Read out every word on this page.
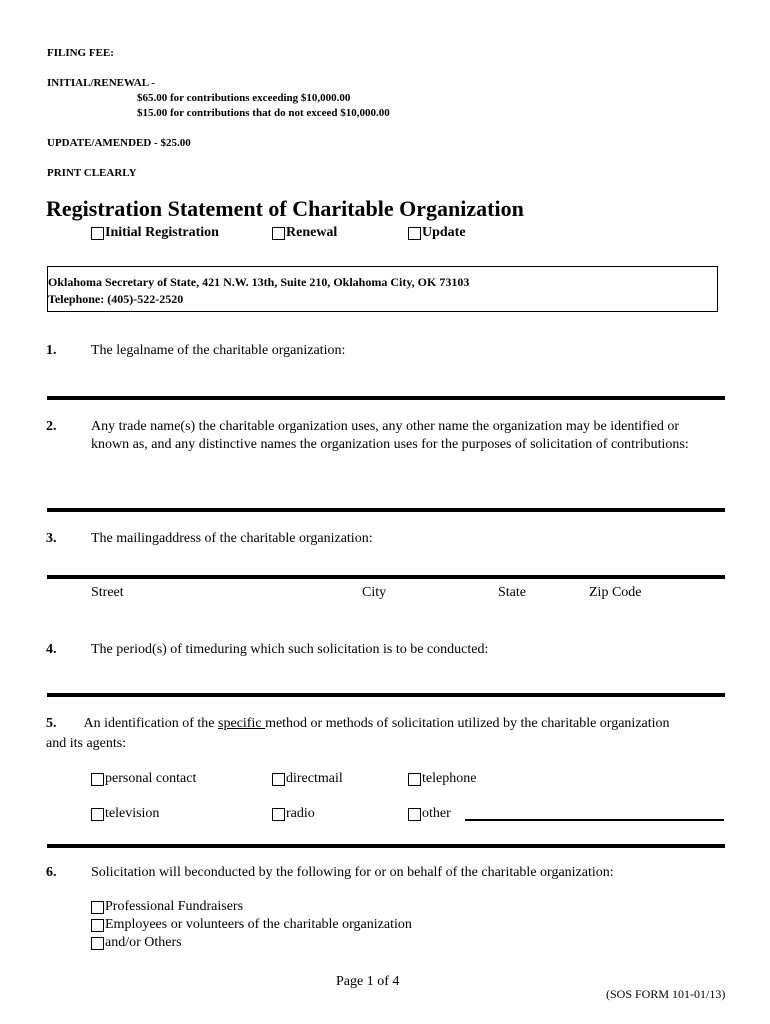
FILING FEE:
INITIAL/RENEWAL -
$65.00 for contributions exceeding $10,000.00
$15.00 for contributions that do not exceed $10,000.00
UPDATE/AMENDED - $25.00
PRINT CLEARLY
Registration Statement of Charitable Organization
Initial Registration	Renewal	Update
Oklahoma Secretary of State, 421 N.W. 13th, Suite 210, Oklahoma City, OK 73103
Telephone: (405)-522-2520
1. The legalname of the charitable organization:
2. Any trade name(s) the charitable organization uses, any other name the organization may be identified or
known as, and any distinctive names the organization uses for the purposes of solicitation of contributions:
3. The mailingaddress of the charitable organization:
Street	City	State	Zip Code
4. The period(s) of timeduring which such solicitation is to be conducted:
5. An identification of the specific method or methods of solicitation utilized by the charitable organization
and its agents:
personal contact	directmail	telephone
television	radio	other
6. Solicitation will beconducted by the following for or on behalf of the charitable organization:
Professional Fundraisers
Employees or volunteers of the charitable organization
and/or Others
Page 1 of 4
(SOS FORM 101-01/13)
